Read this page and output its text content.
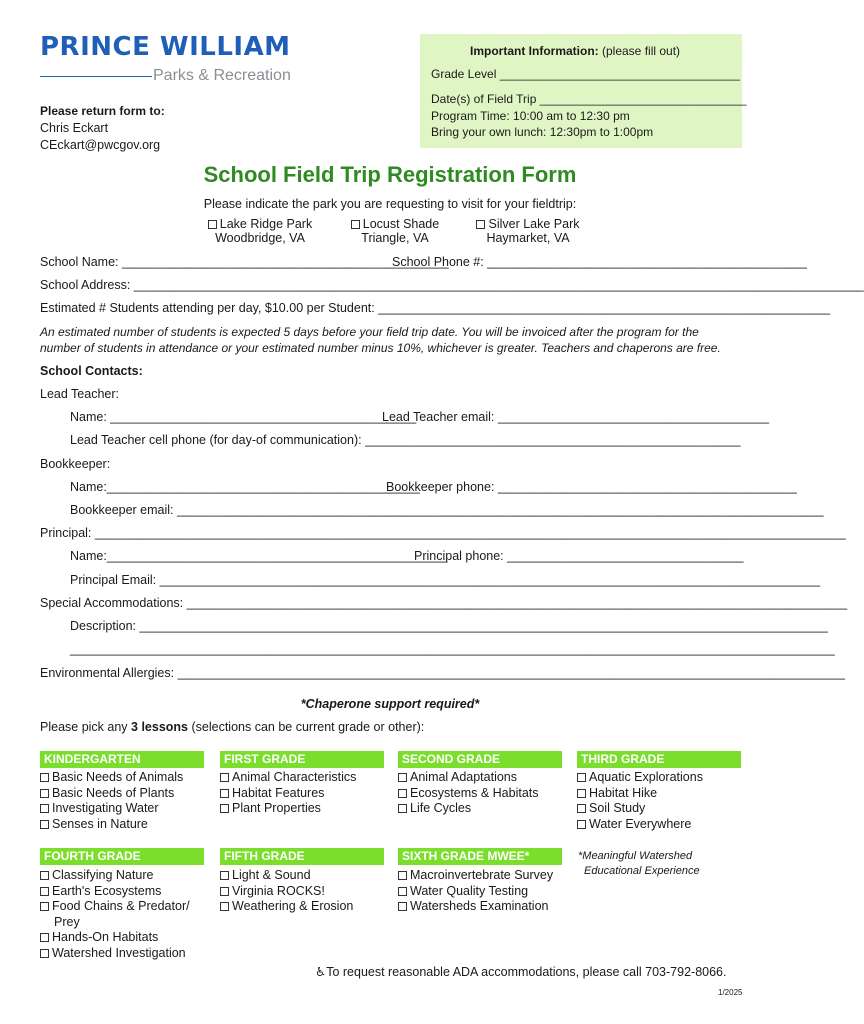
PRINCE WILLIAM
Parks & Recreation
Please return form to:
Chris Eckart
CEckart@pwcgov.org
Important Information: (please fill out)
Grade Level ____________________________________
Date(s) of Field Trip _______________________________
Program Time: 10:00 am to 12:30 pm
Bring your own lunch: 12:30pm to 1:00pm
School Field Trip Registration Form
Please indicate the park you are requesting to visit for your fieldtrip:
Lake Ridge Park
Woodbridge, VA
Locust Shade
Triangle, VA
Silver Lake Park
Haymarket, VA
School Name: _______________________________________________
School Phone #: ______________________________________________
School Address: _________________________________________________________________________________________________________
Estimated # Students attending per day, $10.00 per Student: _________________________________________________________________
An estimated number of students is expected 5 days before your field trip date. You will be invoiced after the program for the number of students in attendance or your estimated number minus 10%, whichever is greater. Teachers and chaperons are free.
School Contacts:
Lead Teacher:
Name: ____________________________________________
Lead Teacher email: _______________________________________
Lead Teacher cell phone (for day-of communication): ______________________________________________________
Bookkeeper:
Name:_____________________________________________
Bookkeeper phone: ___________________________________________
Bookkeeper email: _____________________________________________________________________________________________
Principal: ____________________________________________________________________________________________________________
Name:_________________________________________________
Principal phone: __________________________________
Principal Email: _______________________________________________________________________________________________
Special Accommodations: _______________________________________________________________________________________________
Description: ___________________________________________________________________________________________________
______________________________________________________________________________________________________________
Environmental Allergies: ________________________________________________________________________________________________
*Chaperone support required*
Please pick any 3 lessons (selections can be current grade or other):
KINDERGARTEN	FIRST GRADE	SECOND GRADE	THIRD GRADE
Basic Needs of Animals
Basic Needs of Plants
Investigating Water
Senses in Nature
Animal Characteristics
Habitat Features
Plant Properties
Animal Adaptations
Ecosystems & Habitats
Life Cycles
Aquatic Explorations
Habitat Hike
Soil Study
Water Everywhere
FOURTH GRADE	FIFTH GRADE	SIXTH GRADE MWEE*	*Meaningful Watershed
Educational Experience
Classifying Nature
Earth's Ecosystems
Food Chains & Predator/
Prey
Hands-On Habitats
Watershed Investigation
Light & Sound
Virginia ROCKS!
Weathering & Erosion
Macroinvertebrate Survey
Water Quality Testing
Watersheds Examination
♿To request reasonable ADA accommodations, please call 703-792-8066.
1/2025
